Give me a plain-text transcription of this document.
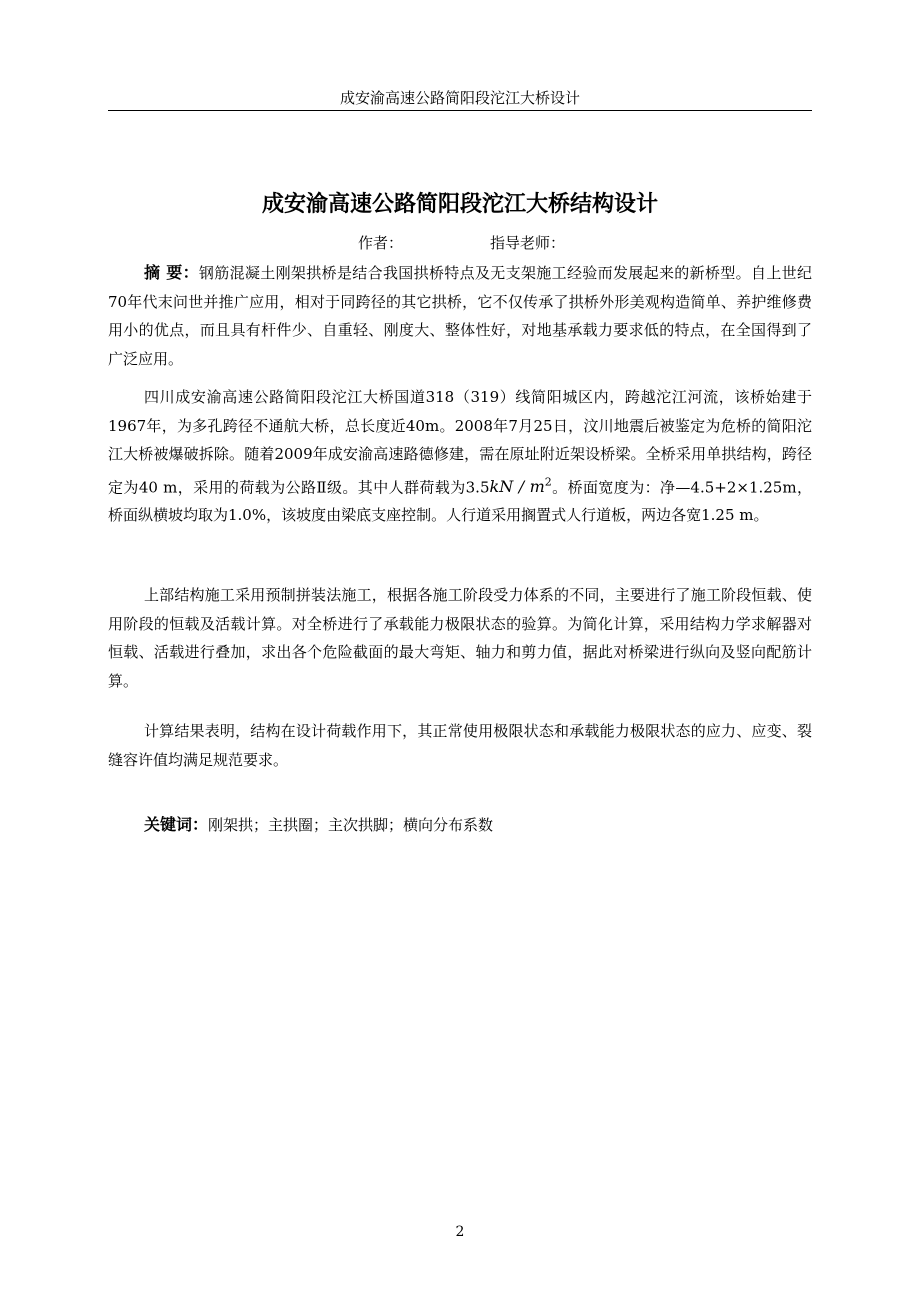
成安渝高速公路简阳段沱江大桥设计
成安渝高速公路简阳段沱江大桥结构设计
作者：	指导老师：

摘 要：钢筋混凝土刚架拱桥是结合我国拱桥特点及无支架施工经验而发展起来的新桥型。自上世纪70年代末问世并推广应用，相对于同跨径的其它拱桥，它不仅传承了拱桥外形美观构造简单、养护维修费用小的优点，而且具有杆件少、自重轻、刚度大、整体性好，对地基承载力要求低的特点，在全国得到了广泛应用。

四川成安渝高速公路简阳段沱江大桥国道318（319）线简阳城区内，跨越沱江河流，该桥始建于1967年，为多孔跨径不通航大桥，总长度近40m。2008年7月25日，汶川地震后被鉴定为危桥的简阳沱江大桥被爆破拆除。随着2009年成安渝高速路德修建，需在原址附近架设桥梁。全桥采用单拱结构，跨径定为40 m，采用的荷载为公路Ⅱ级。其中人群荷载为$3.5kN / m^2$。桥面宽度为：净—4.5+2×1.25m，桥面纵横坡均取为1.0%，该坡度由梁底支座控制。人行道采用搁置式人行道板，两边各宽1.25 m。

上部结构施工采用预制拼装法施工，根据各施工阶段受力体系的不同，主要进行了施工阶段恒载、使用阶段的恒载及活载计算。对全桥进行了承载能力极限状态的验算。为简化计算，采用结构力学求解器对恒载、活载进行叠加，求出各个危险截面的最大弯矩、轴力和剪力值，据此对桥梁进行纵向及竖向配筋计算。

计算结果表明，结构在设计荷载作用下，其正常使用极限状态和承载能力极限状态的应力、应变、裂缝容许值均满足规范要求。

关键词：刚架拱；主拱圈；主次拱脚；横向分布系数

2
